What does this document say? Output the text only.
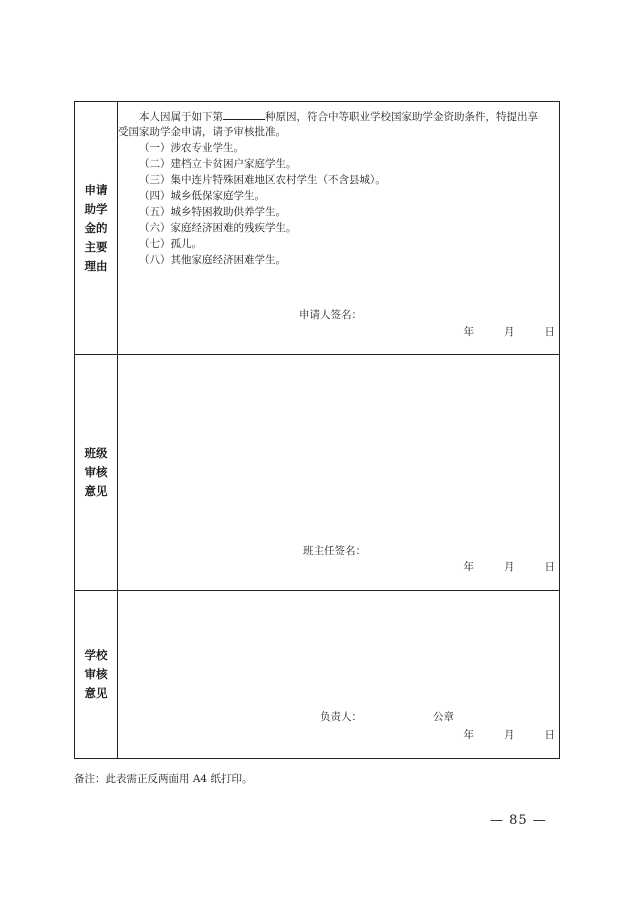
申请
助学
金的
主要
理由
本人因属于如下第	种原因，符合中等职业学校国家助学金资助条件，特提出享
受国家助学金申请，请予审核批准。
（一）涉农专业学生。
（二）建档立卡贫困户家庭学生。
（三）集中连片特殊困难地区农村学生（不含县城）。
（四）城乡低保家庭学生。
（五）城乡特困救助供养学生。
（六）家庭经济困难的残疾学生。
（七）孤儿。
（八）其他家庭经济困难学生。
申请人签名：
年	月	日
班级
审核
意见
班主任签名：
年	月	日
学校
审核
意见
负责人：	公章
年	月	日
备注：此表需正反两面用 A4 纸打印。
— 85 —
